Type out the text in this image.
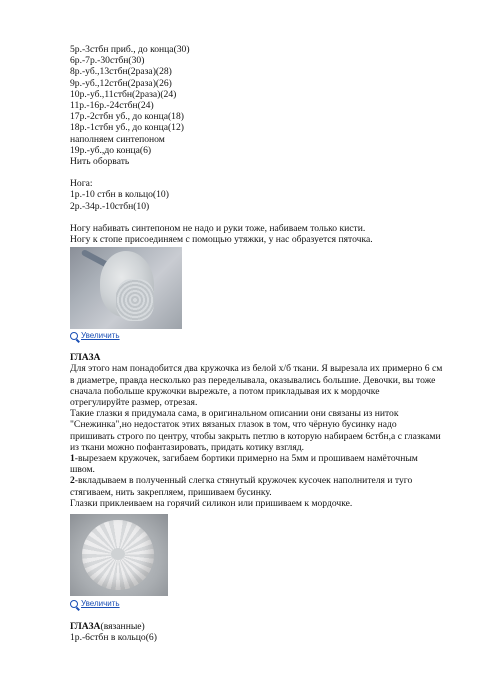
5р.-3стбн приб., до конца(30)
6р.-7р.-30стбн(30)
8р.-уб.,13стбн(2раза)(28)
9р.-уб.,12стбн(2раза)(26)
10р.-уб.,11стбн(2раза)(24)
11р.-16р.-24стбн(24)
17р.-2стбн уб., до конца(18)
18р.-1стбн уб., до конца(12)
наполняем синтепоном
19р.-уб.,до конца(6)
Нить оборвать
Нога:
1р.-10 стбн в кольцо(10)
2р.-34р.-10стбн(10)
Ногу набивать синтепоном не надо и руки тоже, набиваем только кисти.
Ногу к стопе присоединяем с помощью утяжки, у нас образуется пяточка.
Увеличить
ГЛАЗА
Для этого нам понадобится два кружочка из белой х/б ткани. Я вырезала их примерно 6 см
в диаметре, правда несколько раз переделывала, оказывались большие. Девочки, вы тоже
сначала побольше кружочки вырежьте, а потом прикладывая их к мордочке
отрегулируйте размер, отрезая.
Такие глазки я придумала сама, в оригинальном описании они связаны из ниток
"Снежинка",но недостаток этих вязаных глазок в том, что чёрную бусинку надо
пришивать строго по центру, чтобы закрыть петлю в которую набираем 6стбн,а с глазками
из ткани можно пофантазировать, придать котику взгляд.
1-вырезаем кружочек, загибаем бортики примерно на 5мм и прошиваем намёточным
швом.
2-вкладываем в полученный слегка стянутый кружочек кусочек наполнителя и туго
стягиваем, нить закрепляем, пришиваем бусинку.
Глазки приклеиваем на горячий силикон или пришиваем к мордочке.
Увеличить
ГЛАЗА(вязанные)
1р.-6стбн в кольцо(6)
